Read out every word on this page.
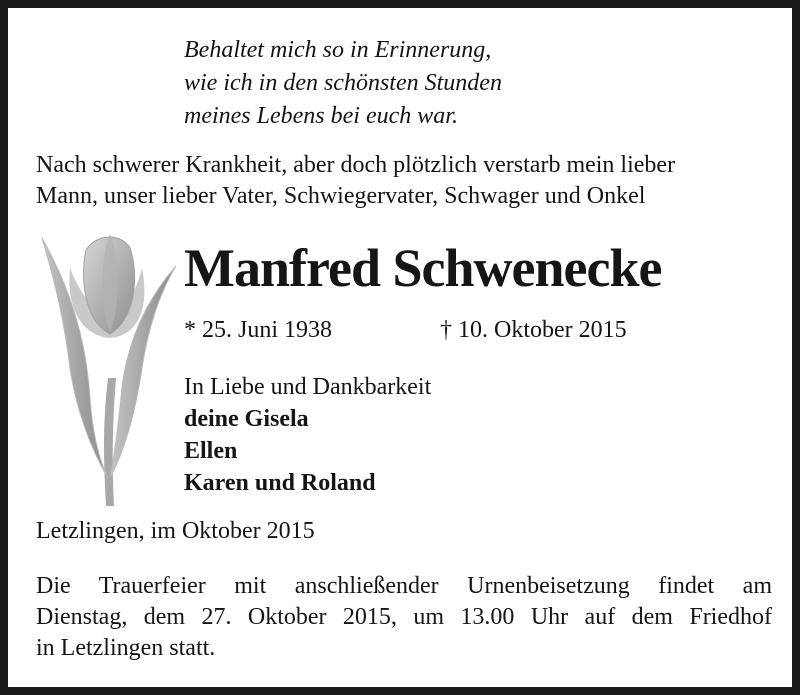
Behaltet mich so in Erinnerung,
wie ich in den schönsten Stunden
meines Lebens bei euch war.
Nach schwerer Krankheit, aber doch plötzlich verstarb mein lieber
Mann, unser lieber Vater, Schwiegervater, Schwager und Onkel
Manfred Schwenecke
* 25. Juni 1938	† 10. Oktober 2015
In Liebe und Dankbarkeit
deine Gisela
Ellen
Karen und Roland
Letzlingen, im Oktober 2015
Die Trauerfeier mit anschließender Urnenbeisetzung findet am
Dienstag, dem 27. Oktober 2015, um 13.00 Uhr auf dem Friedhof
in Letzlingen statt.
